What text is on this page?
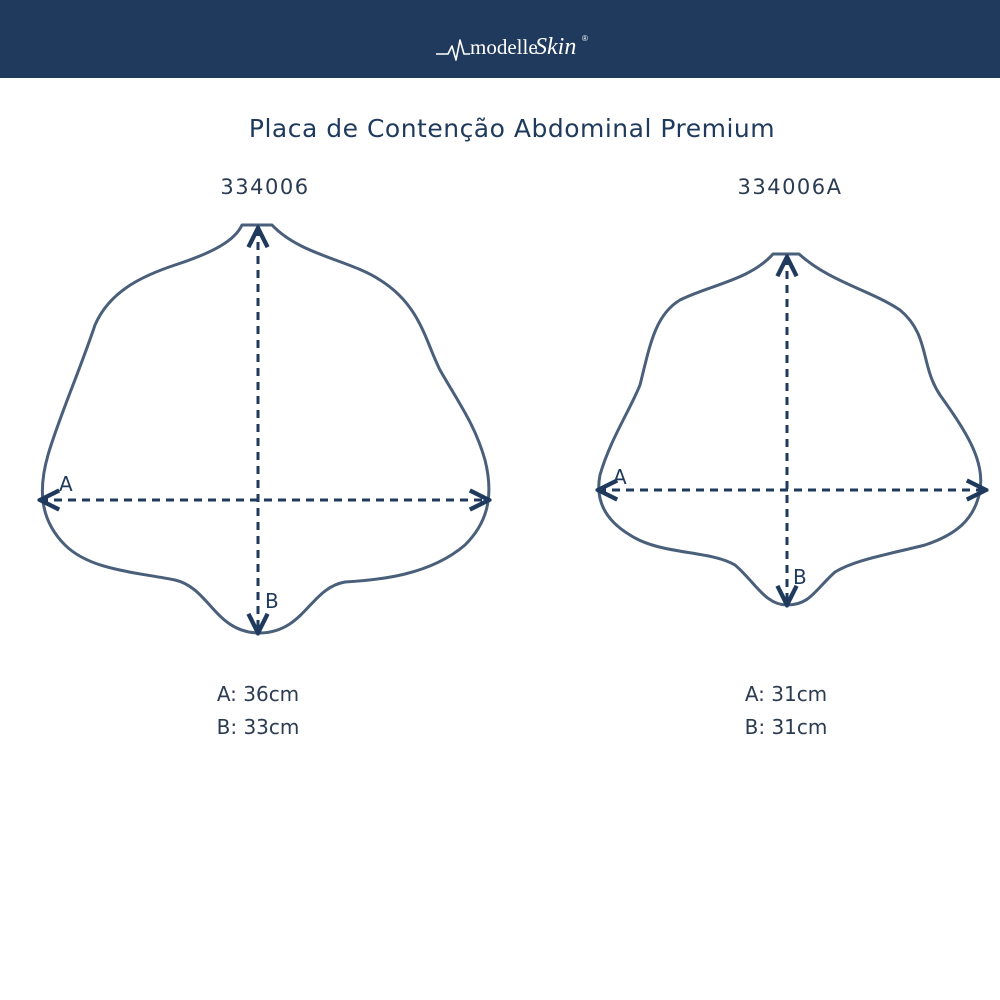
modelle
Skin ®
Placa de Contenção Abdominal Premium
334006	334006A
A
B
A
B
A: 36cm
B: 33cm
A: 31cm
B: 31cm
